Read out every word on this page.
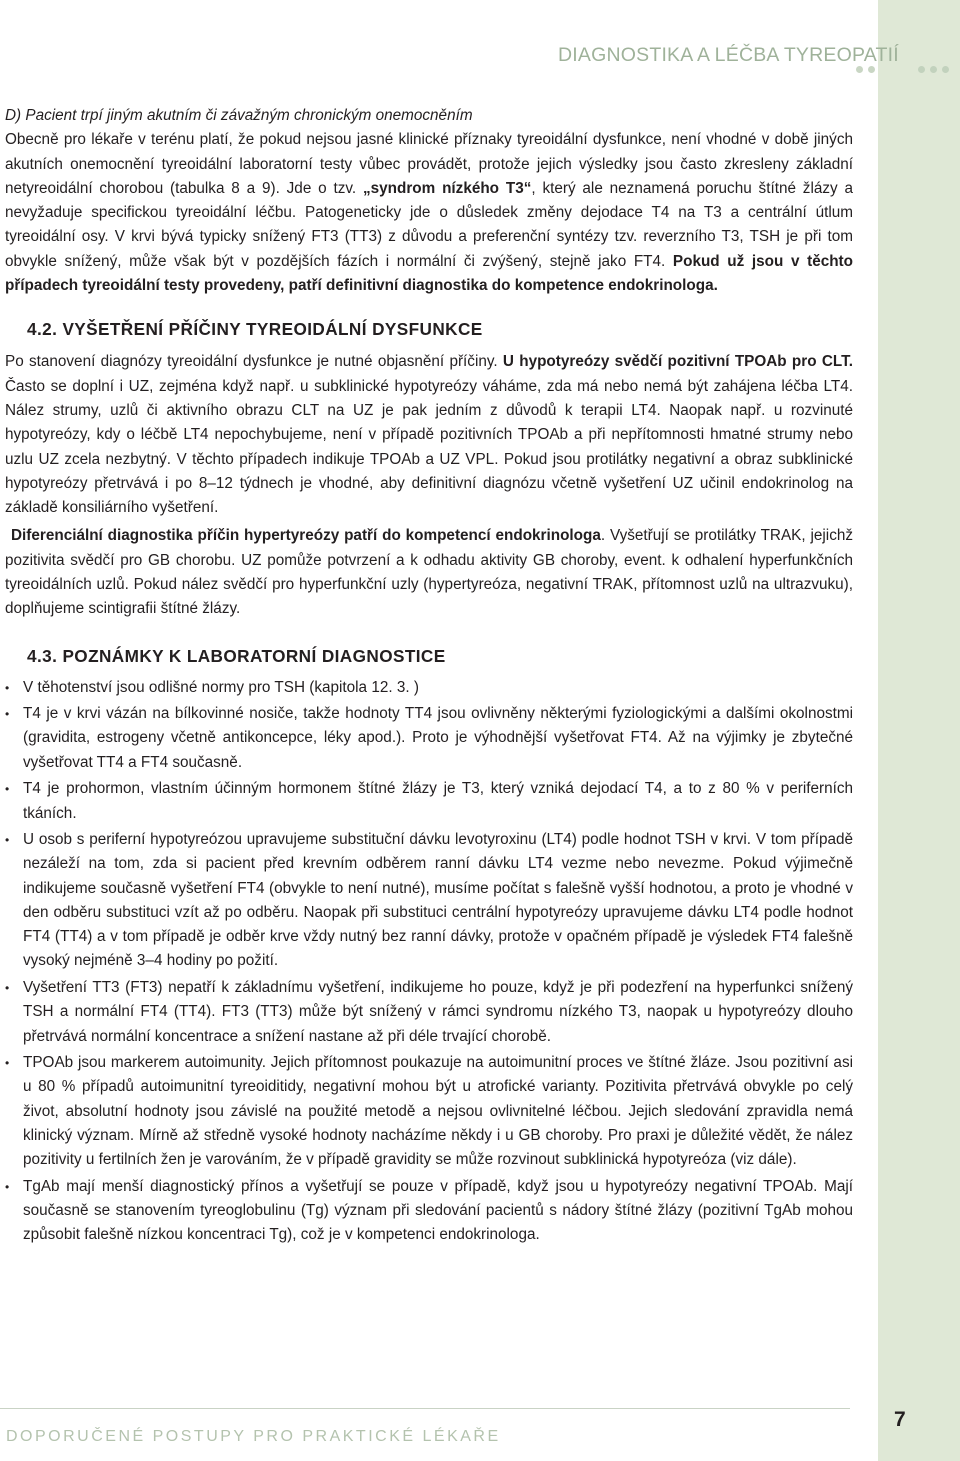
DIAGNOSTIKA A LÉČBA TYREOPATIÍ

D) Pacient trpí jiným akutním či závažným chronickým onemocněním

Obecně pro lékaře v terénu platí, že pokud nejsou jasné klinické příznaky tyreoidální dysfunkce, není vhodné v době jiných akutních onemocnění tyreoidální laboratorní testy vůbec provádět, protože jejich výsledky jsou často zkresleny základní netyreoidální chorobou (tabulka 8 a 9). Jde o tzv. „syndrom nízkého T3“, který ale neznamená poruchu štítné žlázy a nevyžaduje specifickou tyreoidální léčbu. Patogeneticky jde o důsledek změny dejodace T4 na T3 a centrální útlum tyreoidální osy. V krvi bývá typicky snížený FT3 (TT3) z důvodu a preferenční syntézy tzv. reverzního T3, TSH je při tom obvykle snížený, může však být v pozdějších fázích i normální či zvýšený, stejně jako FT4. Pokud už jsou v těchto případech tyreoidální testy provedeny, patří definitivní diagnostika do kompetence endokrinologa.

4.2. VYŠETŘENÍ PŘÍČINY TYREOIDÁLNÍ DYSFUNKCE

Po stanovení diagnózy tyreoidální dysfunkce je nutné objasnění příčiny. U hypotyreózy svědčí pozitivní TPOAb pro CLT. Často se doplní i UZ, zejména když např. u subklinické hypotyreózy váháme, zda má nebo nemá být zahájena léčba LT4. Nález strumy, uzlů či aktivního obrazu CLT na UZ je pak jedním z důvodů k terapii LT4. Naopak např. u rozvinuté hypotyreózy, kdy o léčbě LT4 nepochybujeme, není v případě pozitivních TPOAb a při nepřítomnosti hmatné strumy nebo uzlu UZ zcela nezbytný. V těchto případech indikuje TPOAb a UZ VPL. Pokud jsou protilátky negativní a obraz subklinické hypotyreózy přetrvává i po 8–12 týdnech je vhodné, aby definitivní diagnózu včetně vyšetření UZ učinil endokrinolog na základě konsiliárního vyšetření.

Diferenciální diagnostika příčin hypertyreózy patří do kompetencí endokrinologa. Vyšetřují se protilátky TRAK, jejichž pozitivita svědčí pro GB chorobu. UZ pomůže potvrzení a k odhadu aktivity GB choroby, event. k odhalení hyperfunkčních tyreoidálních uzlů. Pokud nález svědčí pro hyperfunkční uzly (hypertyreóza, negativní TRAK, přítomnost uzlů na ultrazvuku), doplňujeme scintigrafii štítné žlázy.

4.3. POZNÁMKY K LABORATORNÍ DIAGNOSTICE
• V těhotenství jsou odlišné normy pro TSH (kapitola 12. 3. )
• T4 je v krvi vázán na bílkovinné nosiče, takže hodnoty TT4 jsou ovlivněny některými fyziologickými a dalšími okolnostmi (gravidita, estrogeny včetně antikoncepce, léky apod.). Proto je výhodnější vyšetřovat FT4. Až na výjimky je zbytečné vyšetřovat TT4 a FT4 současně.
• T4 je prohormon, vlastním účinným hormonem štítné žlázy je T3, který vzniká dejodací T4, a to z 80 % v periferních tkáních.
• U osob s periferní hypotyreózou upravujeme substituční dávku levotyroxinu (LT4) podle hodnot TSH v krvi. V tom případě nezáleží na tom, zda si pacient před krevním odběrem ranní dávku LT4 vezme nebo nevezme. Pokud výjimečně indikujeme současně vyšetření FT4 (obvykle to není nutné), musíme počítat s falešně vyšší hodnotou, a proto je vhodné v den odběru substituci vzít až po odběru. Naopak při substituci centrální hypotyreózy upravujeme dávku LT4 podle hodnot FT4 (TT4) a v tom případě je odběr krve vždy nutný bez ranní dávky, protože v opačném případě je výsledek FT4 falešně vysoký nejméně 3–4 hodiny po požití.
• Vyšetření TT3 (FT3) nepatří k základnímu vyšetření, indikujeme ho pouze, když je při podezření na hyperfunkci snížený TSH a normální FT4 (TT4). FT3 (TT3) může být snížený v rámci syndromu nízkého T3, naopak u hypotyreózy dlouho přetrvává normální koncentrace a snížení nastane až při déle trvající chorobě.
• TPOAb jsou markerem autoimunity. Jejich přítomnost poukazuje na autoimunitní proces ve štítné žláze. Jsou pozitivní asi u 80 % případů autoimunitní tyreoiditidy, negativní mohou být u atrofické varianty. Pozitivita přetrvává obvykle po celý život, absolutní hodnoty jsou závislé na použité metodě a nejsou ovlivnitelné léčbou. Jejich sledování zpravidla nemá klinický význam. Mírně až středně vysoké hodnoty nacházíme někdy i u GB choroby. Pro praxi je důležité vědět, že nález pozitivity u fertilních žen je varováním, že v případě gravidity se může rozvinout subklinická hypotyreóza (viz dále).
• TgAb mají menší diagnostický přínos a vyšetřují se pouze v případě, když jsou u hypotyreózy negativní TPOAb. Mají současně se stanovením tyreoglobulinu (Tg) význam při sledování pacientů s nádory štítné žlázy (pozitivní TgAb mohou způsobit falešně nízkou koncentraci Tg), což je v kompetenci endokrinologa.
DOPORUČENÉ POSTUPY PRO PRAKTICKÉ LÉKAŘE
7
